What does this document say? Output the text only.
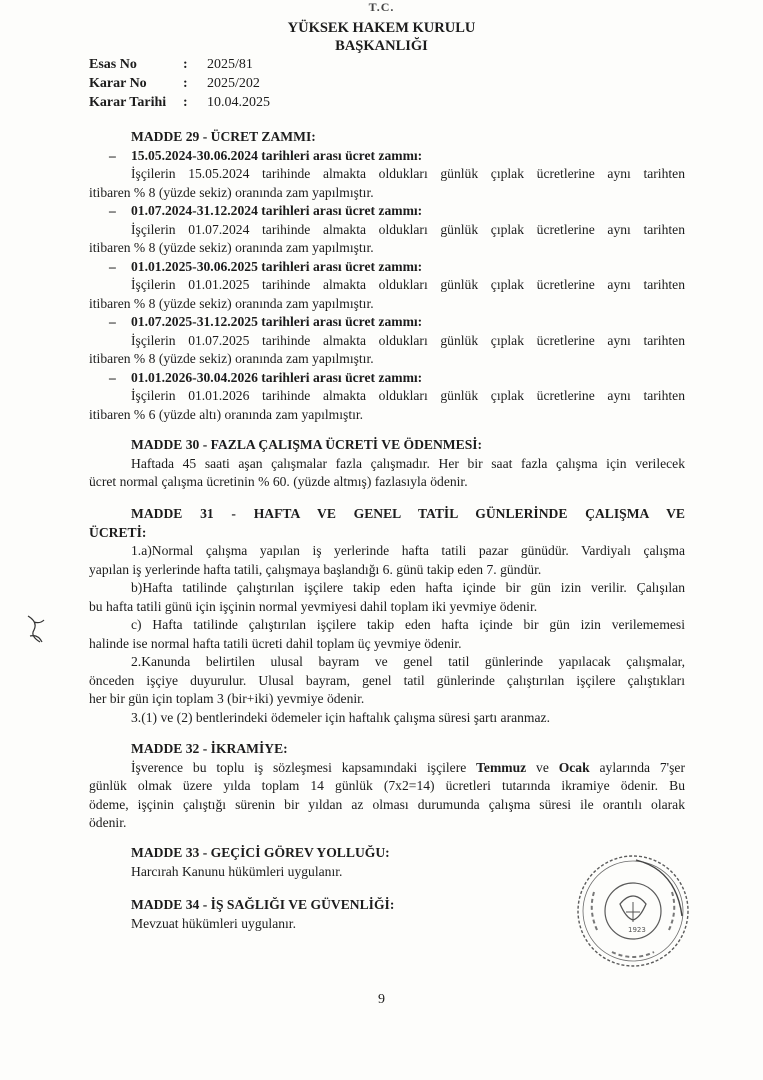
T.C.
YÜKSEK HAKEM KURULU
BAŞKANLIĞI
Esas No	:	2025/81
Karar No	:	2025/202
Karar Tarihi	:	10.04.2025
MADDE 29 - ÜCRET ZAMMI:
– 15.05.2024-30.06.2024 tarihleri arası ücret zammı:
İşçilerin 15.05.2024 tarihinde almakta oldukları günlük çıplak ücretlerine aynı tarihten
itibaren % 8 (yüzde sekiz) oranında zam yapılmıştır.
– 01.07.2024-31.12.2024 tarihleri arası ücret zammı:
İşçilerin 01.07.2024 tarihinde almakta oldukları günlük çıplak ücretlerine aynı tarihten
itibaren % 8 (yüzde sekiz) oranında zam yapılmıştır.
– 01.01.2025-30.06.2025 tarihleri arası ücret zammı:
İşçilerin 01.01.2025 tarihinde almakta oldukları günlük çıplak ücretlerine aynı tarihten
itibaren % 8 (yüzde sekiz) oranında zam yapılmıştır.
– 01.07.2025-31.12.2025 tarihleri arası ücret zammı:
İşçilerin 01.07.2025 tarihinde almakta oldukları günlük çıplak ücretlerine aynı tarihten
itibaren % 8 (yüzde sekiz) oranında zam yapılmıştır.
– 01.01.2026-30.04.2026 tarihleri arası ücret zammı:
İşçilerin 01.01.2026 tarihinde almakta oldukları günlük çıplak ücretlerine aynı tarihten
itibaren % 6 (yüzde altı) oranında zam yapılmıştır.
MADDE 30 - FAZLA ÇALIŞMA ÜCRETİ VE ÖDENMESİ:
Haftada 45 saati aşan çalışmalar fazla çalışmadır. Her bir saat fazla çalışma için verilecek
ücret normal çalışma ücretinin % 60. (yüzde altmış) fazlasıyla ödenir.
MADDE 31 - HAFTA VE GENEL TATİL GÜNLERİNDE ÇALIŞMA VE
ÜCRETİ:
1.a)Normal çalışma yapılan iş yerlerinde hafta tatili pazar günüdür. Vardiyalı çalışma
yapılan iş yerlerinde hafta tatili, çalışmaya başlandığı 6. günü takip eden 7. gündür.
b)Hafta tatilinde çalıştırılan işçilere takip eden hafta içinde bir gün izin verilir. Çalışılan
bu hafta tatili günü için işçinin normal yevmiyesi dahil toplam iki yevmiye ödenir.
c) Hafta tatilinde çalıştırılan işçilere takip eden hafta içinde bir gün izin verilememesi
halinde ise normal hafta tatili ücreti dahil toplam üç yevmiye ödenir.
2.Kanunda belirtilen ulusal bayram ve genel tatil günlerinde yapılacak çalışmalar,
önceden işçiye duyurulur. Ulusal bayram, genel tatil günlerinde çalıştırılan işçilere çalıştıkları
her bir gün için toplam 3 (bir+iki) yevmiye ödenir.
3.(1) ve (2) bentlerindeki ödemeler için haftalık çalışma süresi şartı aranmaz.
MADDE 32 - İKRAMİYE:
İşverence bu toplu iş sözleşmesi kapsamındaki işçilere Temmuz ve Ocak aylarında 7'şer
günlük olmak üzere yılda toplam 14 günlük (7x2=14) ücretleri tutarında ikramiye ödenir. Bu
ödeme, işçinin çalıştığı sürenin bir yıldan az olması durumunda çalışma süresi ile orantılı olarak
ödenir.
MADDE 33 - GEÇİCİ GÖREV YOLLUĞU:
Harcırah Kanunu hükümleri uygulanır.
MADDE 34 - İŞ SAĞLIĞI VE GÜVENLİĞİ:
Mevzuat hükümleri uygulanır.
9
1923
